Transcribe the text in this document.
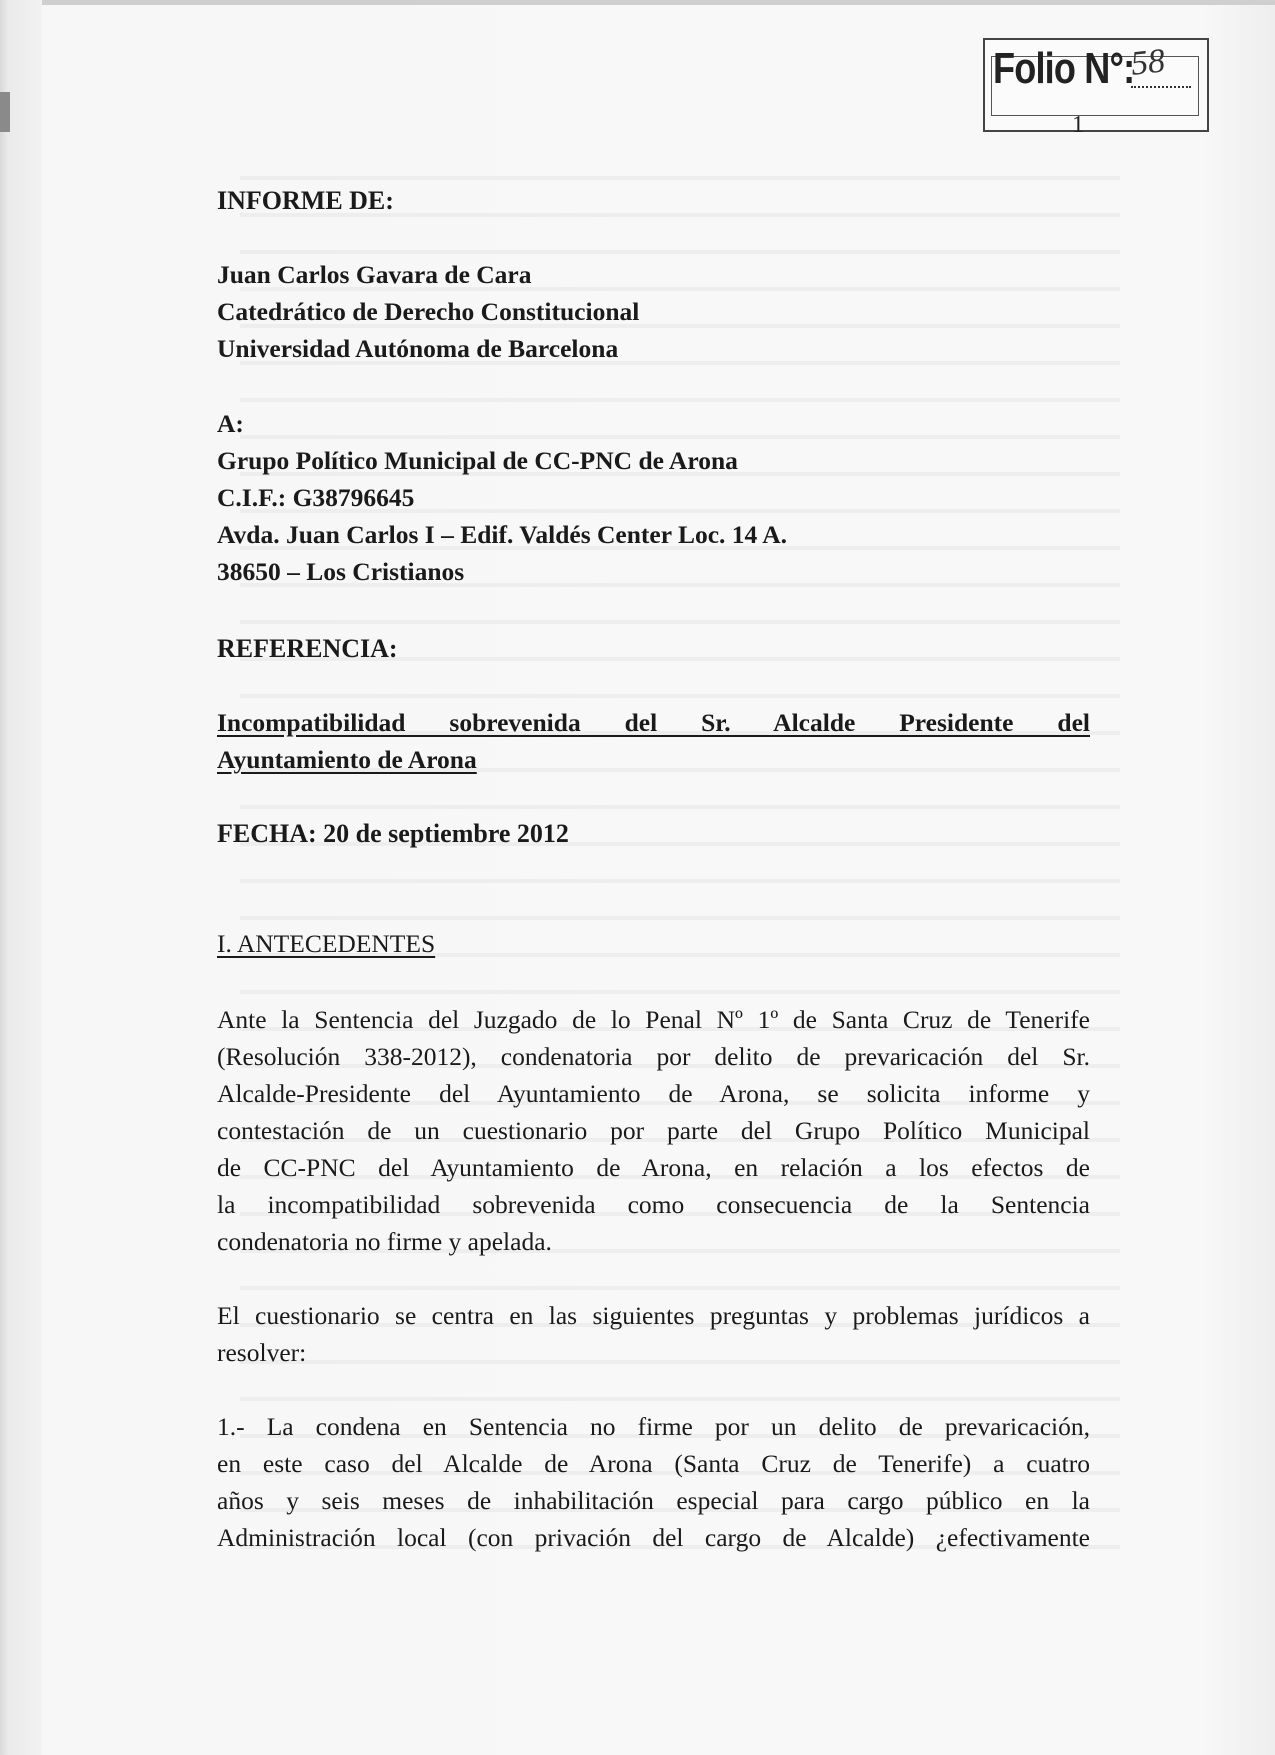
Folio N°:
58
1
INFORME DE:
Juan Carlos Gavara de Cara
Catedrático de Derecho Constitucional
Universidad Autónoma de Barcelona
A:
Grupo Político Municipal de CC-PNC de Arona
C.I.F.: G38796645
Avda. Juan Carlos I – Edif. Valdés Center Loc. 14 A.
38650 – Los Cristianos
REFERENCIA:
Incompatibilidad sobrevenida del Sr. Alcalde Presidente del
Ayuntamiento de Arona
FECHA: 20 de septiembre 2012
I. ANTECEDENTES
Ante la Sentencia del Juzgado de lo Penal Nº 1º de Santa Cruz de Tenerife
(Resolución 338-2012), condenatoria por delito de prevaricación del Sr.
Alcalde-Presidente del Ayuntamiento de Arona, se solicita informe y
contestación de un cuestionario por parte del Grupo Político Municipal
de CC-PNC del Ayuntamiento de Arona, en relación a los efectos de
la incompatibilidad sobrevenida como consecuencia de la Sentencia
condenatoria no firme y apelada.
El cuestionario se centra en las siguientes preguntas y problemas jurídicos a
resolver:
1.- La condena en Sentencia no firme por un delito de prevaricación,
en este caso del Alcalde de Arona (Santa Cruz de Tenerife) a cuatro
años y seis meses de inhabilitación especial para cargo público en la
Administración local (con privación del cargo de Alcalde) ¿efectivamente
